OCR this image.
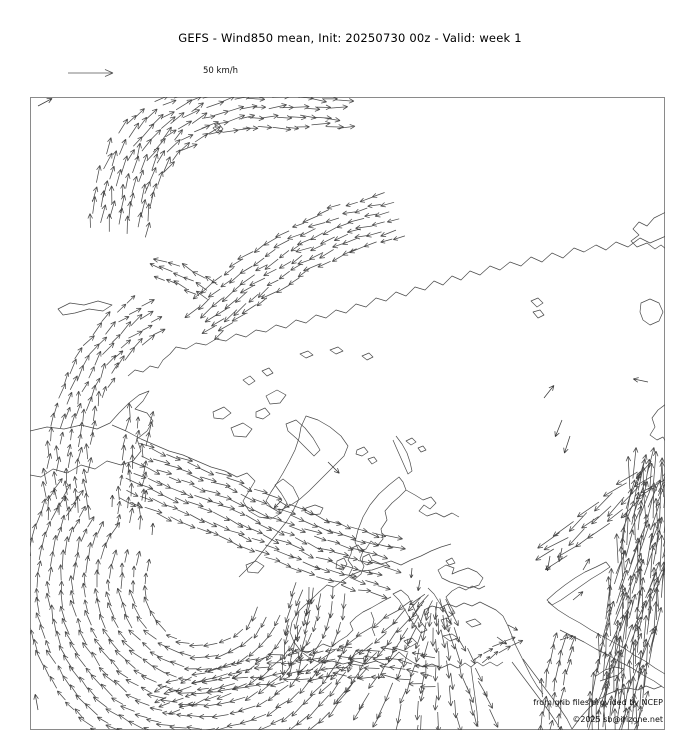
GEFS - Wind850 mean, Init: 20250730 00z - Valid: week 1
50 km/h
from grib files provided by NCEP
©2025 sb@irizone.net
